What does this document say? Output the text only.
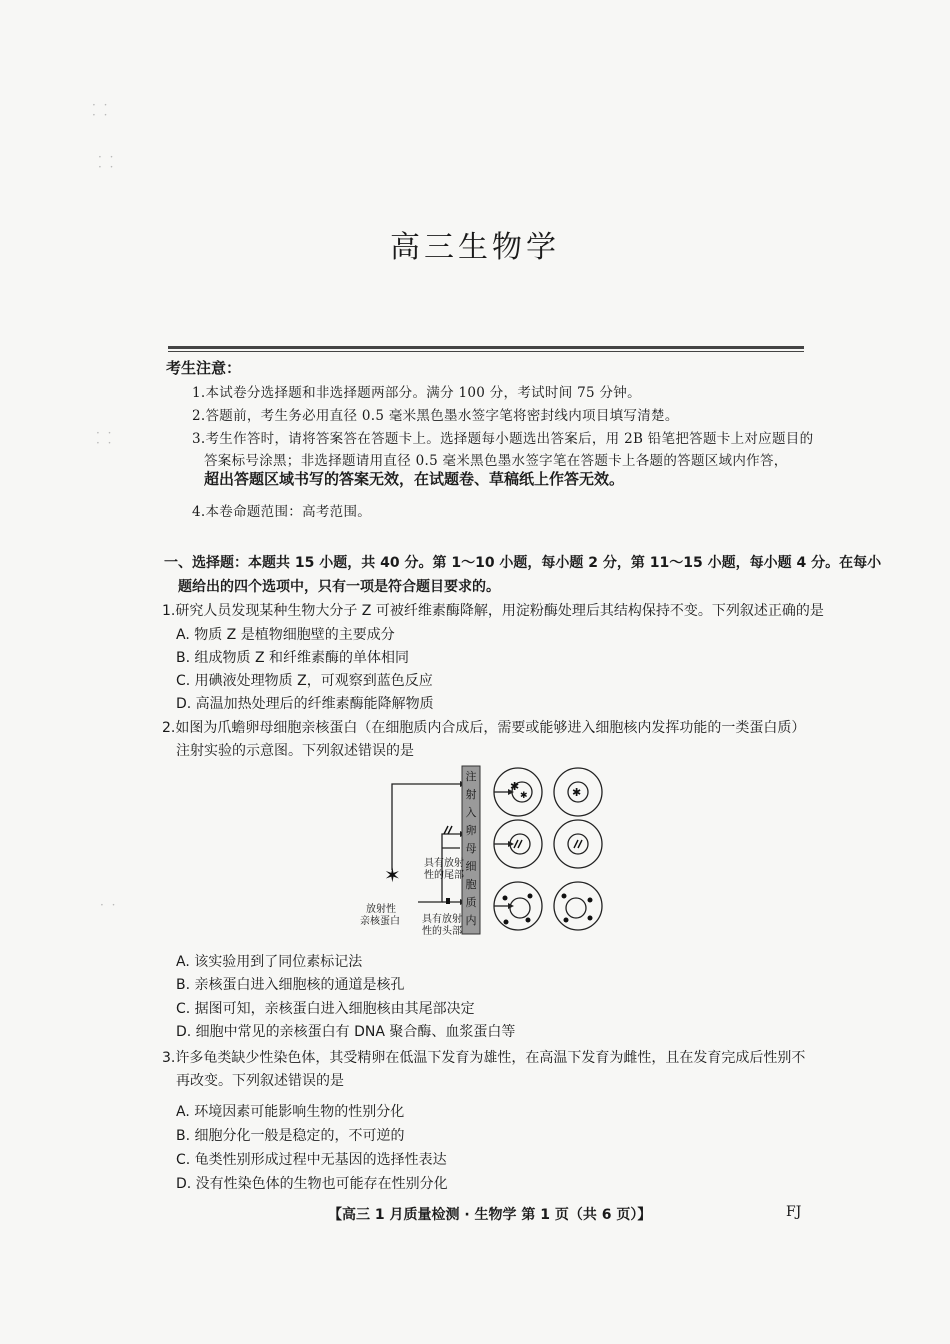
· ·
· ·
· ·
· ·
· ·
· ·
· ·
高三生物学
考生注意：
1.本试卷分选择题和非选择题两部分。满分 100 分，考试时间 75 分钟。
2.答题前，考生务必用直径 0.5 毫米黑色墨水签字笔将密封线内项目填写清楚。
3.考生作答时，请将答案答在答题卡上。选择题每小题选出答案后，用 2B 铅笔把答题卡上对应题目的
答案标号涂黑；非选择题请用直径 0.5 毫米黑色墨水签字笔在答题卡上各题的答题区域内作答，
超出答题区域书写的答案无效，在试题卷、草稿纸上作答无效。
4.本卷命题范围：高考范围。
一、选择题：本题共 15 小题，共 40 分。第 1～10 小题，每小题 2 分，第 11～15 小题，每小题 4 分。在每小
题给出的四个选项中，只有一项是符合题目要求的。
1.研究人员发现某种生物大分子 Z 可被纤维素酶降解，用淀粉酶处理后其结构保持不变。下列叙述正确的是
A. 物质 Z 是植物细胞壁的主要成分
B. 组成物质 Z 和纤维素酶的单体相同
C. 用碘液处理物质 Z，可观察到蓝色反应
D. 高温加热处理后的纤维素酶能降解物质
2.如图为爪蟾卵母细胞亲核蛋白（在细胞质内合成后，需要或能够进入细胞核内发挥功能的一类蛋白质）
注射实验的示意图。下列叙述错误的是
注
射
入
卵
母
细
胞
质
内
✱
✱	✱
✶
放射性
亲核蛋白
具有放射
性的尾部
具有放射
性的头部
A. 该实验用到了同位素标记法
B. 亲核蛋白进入细胞核的通道是核孔
C. 据图可知，亲核蛋白进入细胞核由其尾部决定
D. 细胞中常见的亲核蛋白有 DNA 聚合酶、血浆蛋白等
3.许多龟类缺少性染色体，其受精卵在低温下发育为雄性，在高温下发育为雌性，且在发育完成后性别不
再改变。下列叙述错误的是
A. 环境因素可能影响生物的性别分化
B. 细胞分化一般是稳定的，不可逆的
C. 龟类性别形成过程中无基因的选择性表达
D. 没有性染色体的生物也可能存在性别分化
【高三 1 月质量检测 · 生物学 第 1 页（共 6 页）】	FJ
